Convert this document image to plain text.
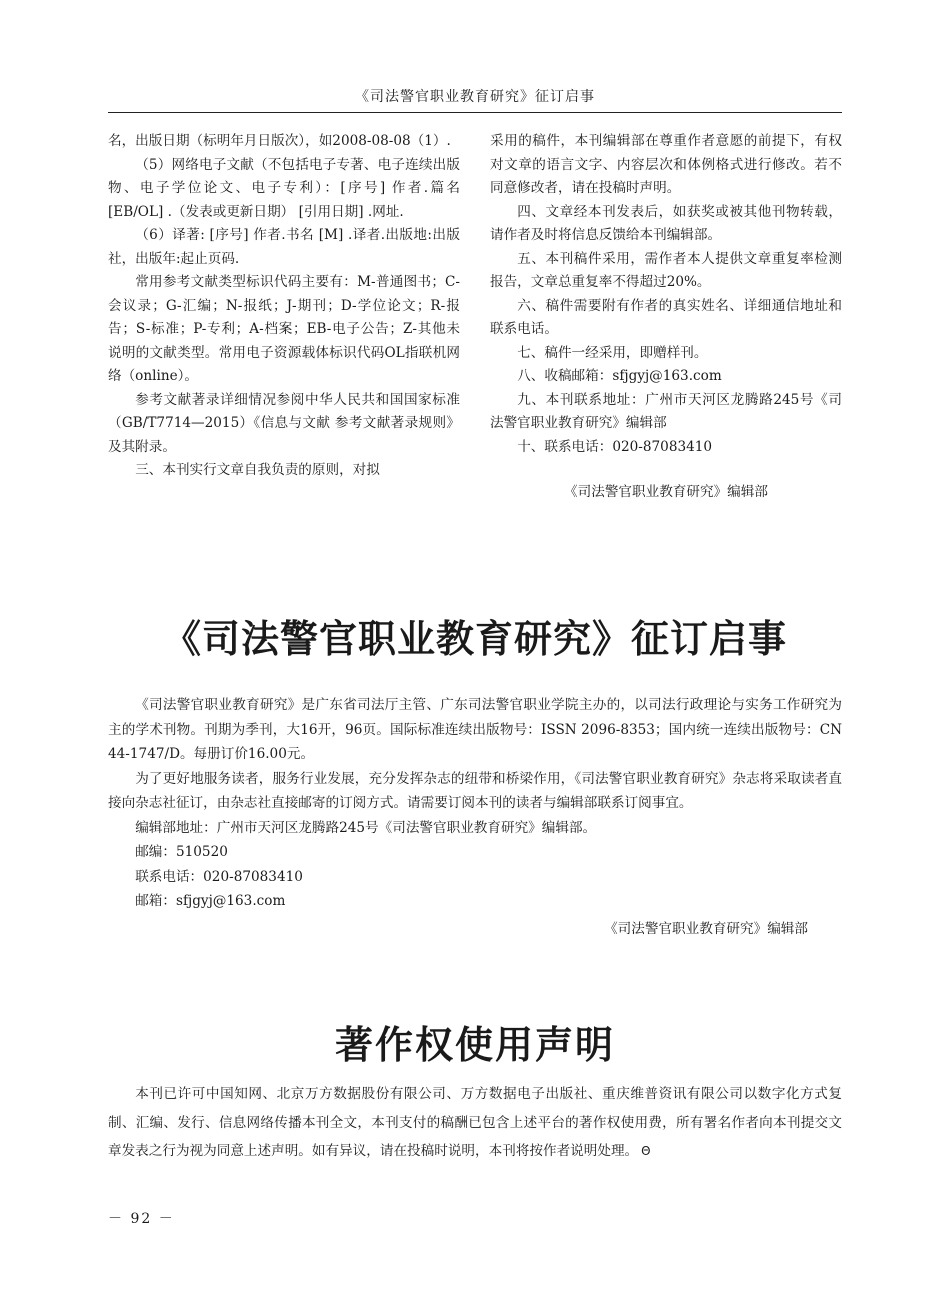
《司法警官职业教育研究》征订启事

名，出版日期（标明年月日版次），如2008-08-08（1）.

（5）网络电子文献（不包括电子专著、电子连续出版物、电子学位论文、电子专利）：[序号] 作者.篇名 [EB/OL] .（发表或更新日期） [引用日期] .网址.

（6）译著: [序号] 作者.书名 [M] .译者.出版地:出版社，出版年:起止页码.

常用参考文献类型标识代码主要有：M-普通图书；C-会议录；G-汇编；N-报纸；J-期刊；D-学位论文；R-报告；S-标准；P-专利；A-档案；EB-电子公告；Z-其他未说明的文献类型。常用电子资源载体标识代码OL指联机网络（online）。

参考文献著录详细情况参阅中华人民共和国国家标准（GB/T7714—2015）《信息与文献 参考文献著录规则》及其附录。

三、本刊实行文章自我负责的原则，对拟

采用的稿件，本刊编辑部在尊重作者意愿的前提下，有权对文章的语言文字、内容层次和体例格式进行修改。若不同意修改者，请在投稿时声明。

四、文章经本刊发表后，如获奖或被其他刊物转载，请作者及时将信息反馈给本刊编辑部。

五、本刊稿件采用，需作者本人提供文章重复率检测报告，文章总重复率不得超过20%。

六、稿件需要附有作者的真实姓名、详细通信地址和联系电话。

七、稿件一经采用，即赠样刊。

八、收稿邮箱：sfjgyj@163.com

九、本刊联系地址：广州市天河区龙腾路245号《司法警官职业教育研究》编辑部

十、联系电话：020-87083410

《司法警官职业教育研究》编辑部

《司法警官职业教育研究》征订启事

《司法警官职业教育研究》是广东省司法厅主管、广东司法警官职业学院主办的，以司法行政理论与实务工作研究为主的学术刊物。刊期为季刊，大16开，96页。国际标准连续出版物号：ISSN 2096-8353；国内统一连续出版物号：CN 44-1747/D。每册订价16.00元。

为了更好地服务读者，服务行业发展，充分发挥杂志的纽带和桥梁作用，《司法警官职业教育研究》杂志将采取读者直接向杂志社征订，由杂志社直接邮寄的订阅方式。请需要订阅本刊的读者与编辑部联系订阅事宜。

编辑部地址：广州市天河区龙腾路245号《司法警官职业教育研究》编辑部。

邮编：510520

联系电话：020-87083410

邮箱：sfjgyj@163.com

《司法警官职业教育研究》编辑部

著作权使用声明

本刊已许可中国知网、北京万方数据股份有限公司、万方数据电子出版社、重庆维普资讯有限公司以数字化方式复制、汇编、发行、信息网络传播本刊全文，本刊支付的稿酬已包含上述平台的著作权使用费，所有署名作者向本刊提交文章发表之行为视为同意上述声明。如有异议，请在投稿时说明，本刊将按作者说明处理。 Θ

－ 92 －
